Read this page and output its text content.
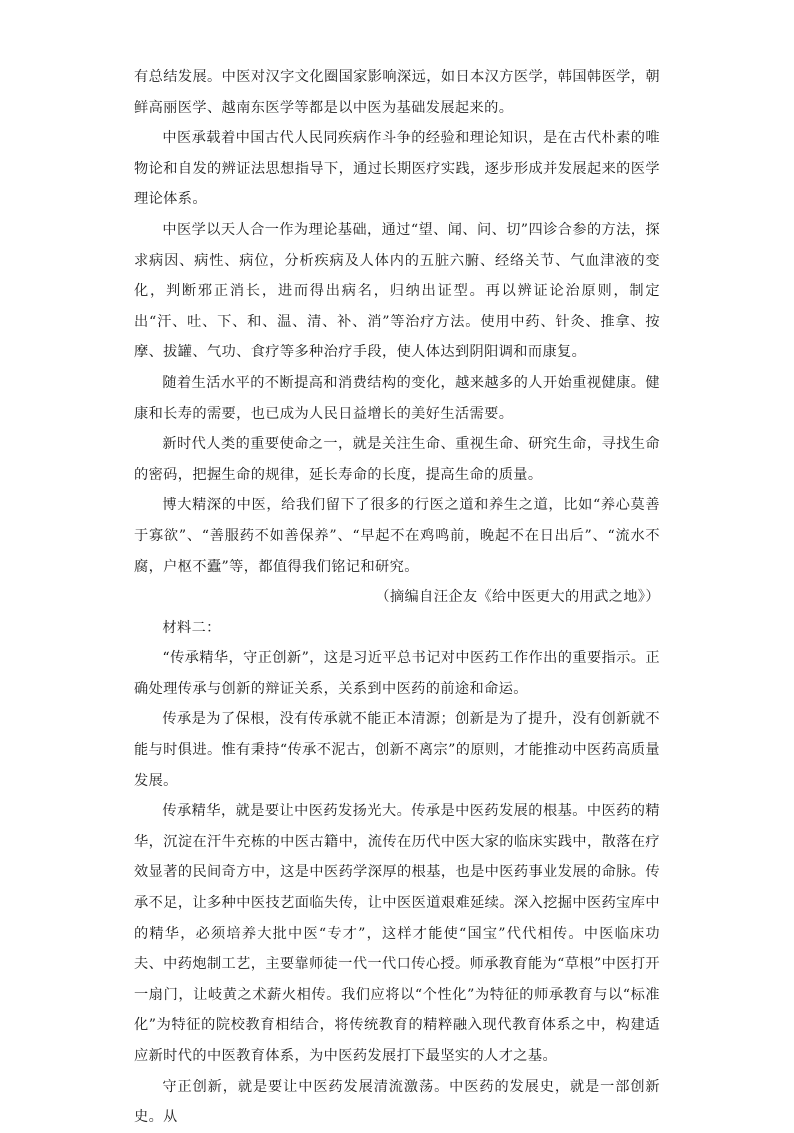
有总结发展。中医对汉字文化圈国家影响深远，如日本汉方医学，韩国韩医学，朝鲜高丽医学、越南东医学等都是以中医为基础发展起来的。

中医承载着中国古代人民同疾病作斗争的经验和理论知识，是在古代朴素的唯物论和自发的辨证法思想指导下，通过长期医疗实践，逐步形成并发展起来的医学理论体系。

中医学以天人合一作为理论基础，通过“望、闻、问、切”四诊合参的方法，探求病因、病性、病位，分析疾病及人体内的五脏六腑、经络关节、气血津液的变化，判断邪正消长，进而得出病名，归纳出证型。再以辨证论治原则，制定出“汗、吐、下、和、温、清、补、消”等治疗方法。使用中药、针灸、推拿、按摩、拔罐、气功、食疗等多种治疗手段，使人体达到阴阳调和而康复。

随着生活水平的不断提高和消费结构的变化，越来越多的人开始重视健康。健康和长寿的需要，也已成为人民日益增长的美好生活需要。

新时代人类的重要使命之一，就是关注生命、重视生命、研究生命，寻找生命的密码，把握生命的规律，延长寿命的长度，提高生命的质量。

博大精深的中医，给我们留下了很多的行医之道和养生之道，比如“养心莫善于寡欲”、“善服药不如善保养”、“早起不在鸡鸣前，晚起不在日出后”、“流水不腐，户枢不蠹”等，都值得我们铭记和研究。

（摘编自汪企友《给中医更大的用武之地》）

材料二：

“传承精华，守正创新”，这是习近平总书记对中医药工作作出的重要指示。正确处理传承与创新的辩证关系，关系到中医药的前途和命运。

传承是为了保根，没有传承就不能正本清源；创新是为了提升，没有创新就不能与时俱进。惟有秉持“传承不泥古，创新不离宗”的原则，才能推动中医药高质量发展。

传承精华，就是要让中医药发扬光大。传承是中医药发展的根基。中医药的精华，沉淀在汗牛充栋的中医古籍中，流传在历代中医大家的临床实践中，散落在疗效显著的民间奇方中，这是中医药学深厚的根基，也是中医药事业发展的命脉。传承不足，让多种中医技艺面临失传，让中医医道艰难延续。深入挖掘中医药宝库中的精华，必须培养大批中医“专才”，这样才能使“国宝”代代相传。中医临床功夫、中药炮制工艺，主要靠师徒一代一代口传心授。师承教育能为“草根”中医打开一扇门，让岐黄之术薪火相传。我们应将以“个性化”为特征的师承教育与以“标准化”为特征的院校教育相结合，将传统教育的精粹融入现代教育体系之中，构建适应新时代的中医教育体系，为中医药发展打下最坚实的人才之基。

守正创新，就是要让中医药发展清流激荡。中医药的发展史，就是一部创新史。从
